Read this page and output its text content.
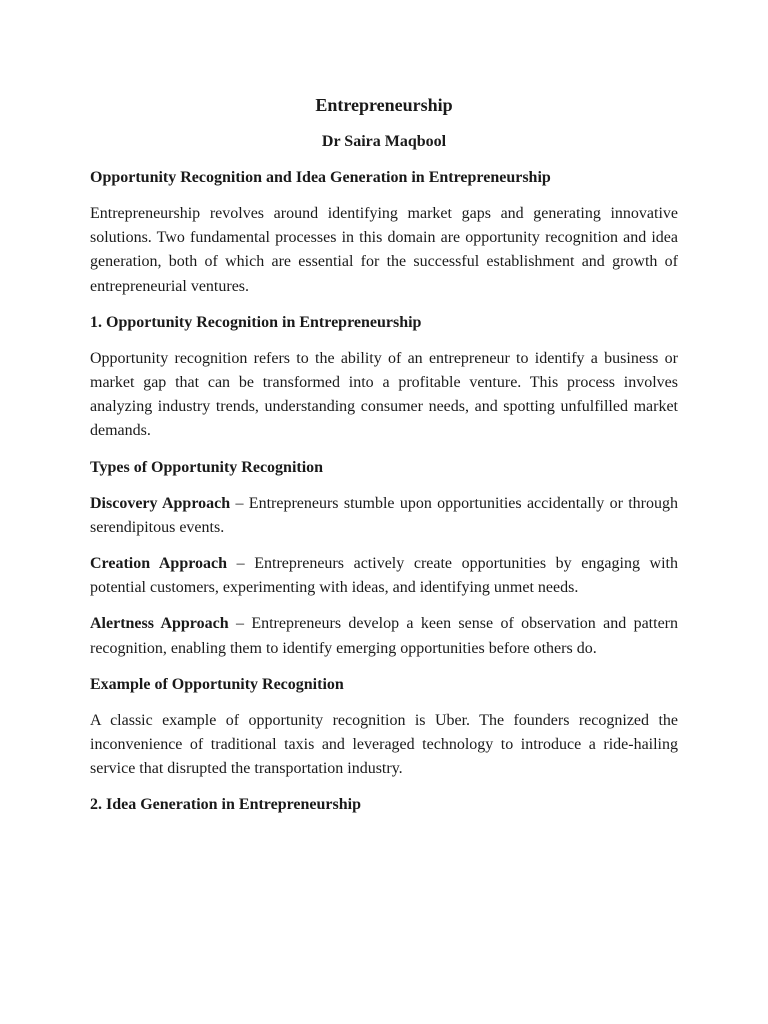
Entrepreneurship
Dr Saira Maqbool
Opportunity Recognition and Idea Generation in Entrepreneurship

Entrepreneurship revolves around identifying market gaps and generating innovative solutions. Two fundamental processes in this domain are opportunity recognition and idea generation, both of which are essential for the successful establishment and growth of entrepreneurial ventures.

1. Opportunity Recognition in Entrepreneurship

Opportunity recognition refers to the ability of an entrepreneur to identify a business or market gap that can be transformed into a profitable venture. This process involves analyzing industry trends, understanding consumer needs, and spotting unfulfilled market demands.

Types of Opportunity Recognition

Discovery Approach – Entrepreneurs stumble upon opportunities accidentally or through serendipitous events.

Creation Approach – Entrepreneurs actively create opportunities by engaging with potential customers, experimenting with ideas, and identifying unmet needs.

Alertness Approach – Entrepreneurs develop a keen sense of observation and pattern recognition, enabling them to identify emerging opportunities before others do.

Example of Opportunity Recognition

A classic example of opportunity recognition is Uber. The founders recognized the inconvenience of traditional taxis and leveraged technology to introduce a ride-hailing service that disrupted the transportation industry.

2. Idea Generation in Entrepreneurship
